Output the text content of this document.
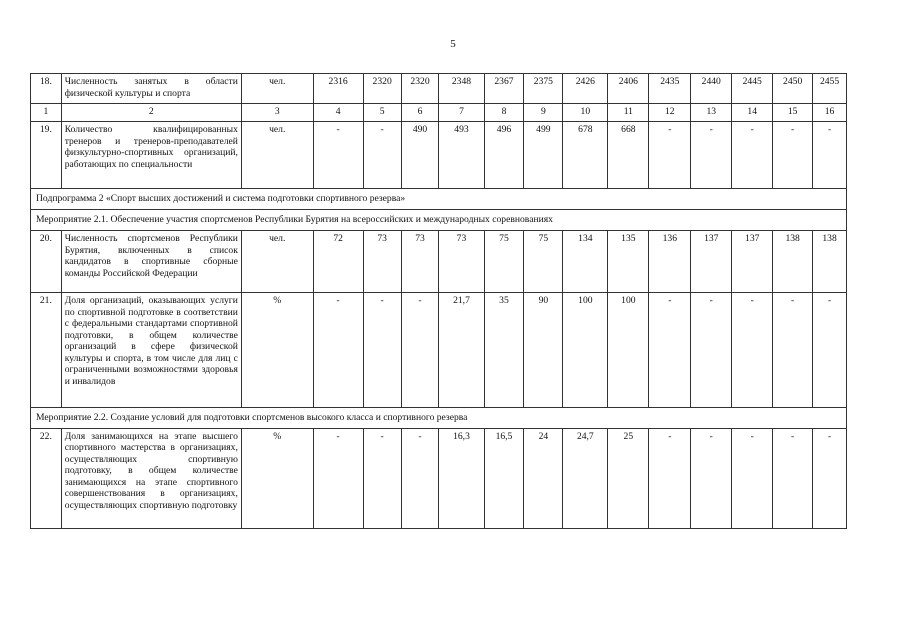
5
18.	Численность занятых в области физической культуры и спорта	чел.	2316	2320	2320	2348	2367	2375	2426	2406	2435	2440	2445	2450	2455
1	2	3	4	5	6	7	8	9	10	11	12	13	14	15	16
19.	Количество квалифицированных тренеров и тренеров-преподавателей физкультурно-спортивных организаций, работающих по специальности	чел.	-	-	490	493	496	499	678	668	-	-	-	-	-
Подпрограмма 2 «Спорт высших достижений и система подготовки спортивного резерва»															
Мероприятие 2.1. Обеспечение участия спортсменов Республики Бурятия на всероссийских и международных соревнованиях															
20.	Численность спортсменов Республики Бурятия, включенных в список кандидатов в спортивные сборные команды Российской Федерации	чел.	72	73	73	73	75	75	134	135	136	137	137	138	138
21.	Доля организаций, оказывающих услуги по спортивной подготовке в соответствии с федеральными стандартами спортивной подготовки, в общем количестве организаций в сфере физической культуры и спорта, в том числе для лиц с ограниченными возможностями здоровья и инвалидов	%	-	-	-	21,7	35	90	100	100	-	-	-	-	-
Мероприятие 2.2. Создание условий для подготовки спортсменов высокого класса и спортивного резерва															
22.	Доля занимающихся на этапе высшего спортивного мастерства в организациях, осуществляющих спортивную подготовку, в общем количестве занимающихся на этапе спортивного совершенствования в организациях, осуществляющих спортивную подготовку	%	-	-	-	16,3	16,5	24	24,7	25	-	-	-	-	-
